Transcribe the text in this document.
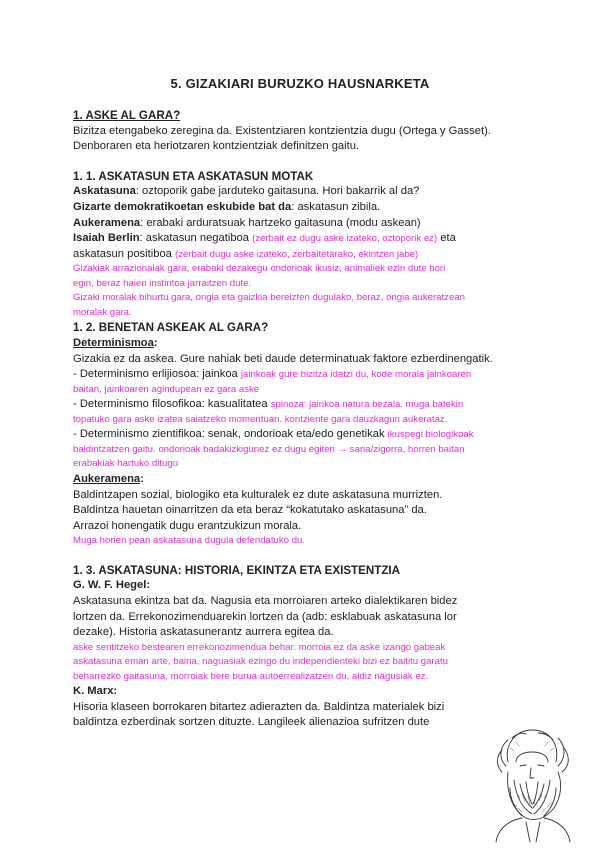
5. GIZAKIARI BURUZKO HAUSNARKETA

1. ASKE AL GARA?

Bizitza etengabeko zeregina da. Existentziaren kontzientzia dugu (Ortega y Gasset).

Denboraren eta heriotzaren kontzientziak definitzen gaitu.

1. 1. ASKATASUN ETA ASKATASUN MOTAK

Askatasuna: oztoporik gabe jarduteko gaitasuna. Hori bakarrik al da?

Gizarte demokratikoetan eskubide bat da: askatasun zibila.

Aukeramena: erabaki arduratsuak hartzeko gaitasuna (modu askean)

Isaiah Berlin: askatasun negatiboa (zerbait ez dugu aske izateko, oztoporik ez) eta

askatasun positiboa (zerbait dugu aske izateko, zerbaitetarako, ekintzen jabe)

Gizakiak arrazionalak gara, erabaki dezakegu ondorioak ikusiz, animaliek ezin dute hori

egin, beraz haien instintoa jarraitzen dute.

Gizaki moralak bihurtu gara, ongia eta gaizkia bereizten dugulako, beraz, ongia aukeratzean

moralak gara.

1. 2. BENETAN ASKEAK AL GARA?

Determinismoa:

Gizakia ez da askea. Gure nahiak beti daude determinatuak faktore ezberdinengatik.

- Determinismo erlijiosoa: jainkoa jainkoak gure bizitza idatzi du, kode morala jainkoaren

baitan, jainkoaren agindupean ez gara aske

- Determinismo filosofikoa: kasualitatea spinoza: jainkoa natura bezala. muga batekin

topatuko gara aske izatea saiatzeko momentuan. kontziente gara dauzkagun aukerataz.

- Determinismo zientifikoa: senak, ondorioak eta/edo genetikak ikuspegi biologikoak

baldintzatzen gaitu. ondorioak badakizkigunez ez dugu egiten → saria/zigorra, horren baitan

erabakiak hartuko ditugu

Aukeramena:

Baldintzapen sozial, biologiko eta kulturalek ez dute askatasuna murrizten.

Baldintza hauetan oinarritzen da eta beraz “kokatutako askatasuna” da.

Arrazoi honengatik dugu erantzukizun morala.

Muga horien pean askatasuna dugula defendatuko du.

1. 3. ASKATASUNA: HISTORIA, EKINTZA ETA EXISTENTZIA

G. W. F. Hegel:

Askatasuna ekintza bat da. Nagusia eta morroiaren arteko dialektikaren bidez

lortzen da. Errekonozimenduarekin lortzen da (adb: esklabuak askatasuna lor

dezake). Historia askatasunerantz aurrera egitea da.

aske sentitzeko bestearen errekonozimendua behar. morroia ez da aske izango gabeak

askatasuna eman arte, baina, naguasiak ezingo du independienteki bizi ez baititu garatu

beharrezko gaitasuna, morroiak bere burua autoerrealizatzen du, aldiz nagusiak ez.

K. Marx:

Hisoria klaseen borrokaren bitartez adierazten da. Baldintza materialek bizi

baldintza ezberdinak sortzen dituzte. Langileek alienazioa sufritzen dute
